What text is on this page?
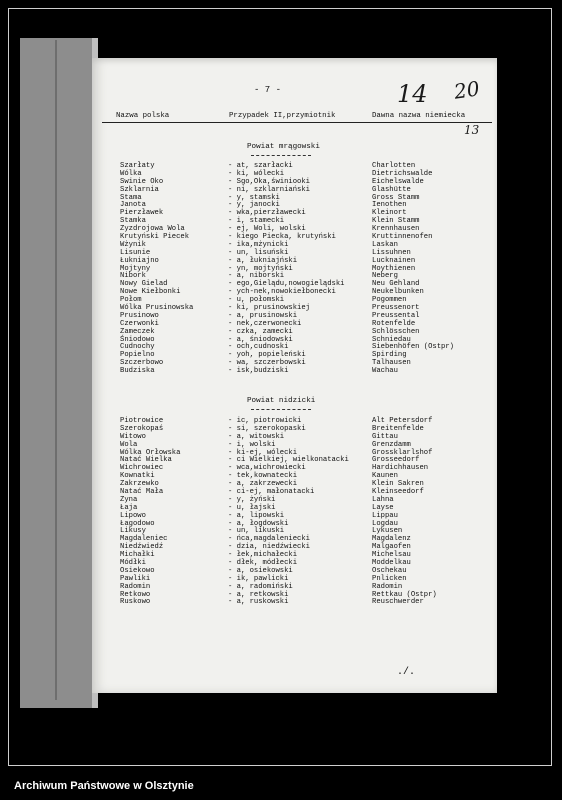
- 7 -	14 20
13
Nazwa polska	Przypadek II,przymiotnik	Dawna nazwa niemiecka
Powiat mrągowski
Szarłaty	- at, szarłacki	Charlotten
Wólka	- ki, wólecki	Dietrichswalde
Swinie Oko	- Sgo,Oka,świniooki	Eichelswalde
Szklarnia	- ni, szklarniański	Glashütte
Stama	- y, stamski	Gross Stamm
Janota	- y, janocki	Ienothen
Pierzławek	- wka,pierzławecki	Kleinort
Stamka	- i, stamecki	Klein Stamm
Zyzdrojowa Wola	- ej, Woli, wolski	Krennhausen
Krutyński Piecek	- kiego Piecka, krutyński	Kruttinnenofen
Wżynik	- ika,mżynicki	Laskan
Lisunie	- un, lisuński	Lissuhnen
Łukniajno	- a, łukniajński	Lucknainen
Mojtyny	- yn, mojtyński	Moythienen
Nibork	- a, niborski	Neberg
Nowy Gielad	- ego,Gielądu,nowogielądski	Neu Gehland
Nowe Kiełbonki	- ych-nek,nowokiełbonecki	Neukelbunken
Połom	- u, połomski	Pogommen
Wólka Prusinowska	- ki, prusinowskiej	Preussenort
Prusinowo	- a, prusinowski	Preussental
Czerwonki	- nek,czerwonecki	Rotenfelde
Zameczek	- czka, zamecki	Schlösschen
Śniodowo	- a, śniodowski	Schniedau
Cudnochy	- och,cudnoski	Siebenhöfen (Ostpr)
Popielno	- yoh, popieleński	Spirding
Szczerbowo	- wa, szczerbowski	Talhausen
Budziska	- isk,budziski	Wachau
Powiat nidzicki
Piotrowice	- ic, piotrowicki	Alt Petersdorf
Szerokopaś	- si, szerokopaski	Breitenfelde
Witowo	- a, witowski	Gittau
Wola	- i, wolski	Grenzdamm
Wólka Orłowska	- ki-ej, wólecki	Grossklarlshof
Natać Wielka	- ci Wielkiej, wielkonatacki	Grosseedorf
Wichrowiec	- wca,wichrowiecki	Hardichhausen
Kownatki	- tek,kownatecki	Kaunen
Zakrzewko	- a, zakrzewecki	Klein Sakren
Natać Mała	- ci-ej, małonatacki	Kleinseedorf
Zyna	- y, żyński	Lahna
Łaja	- u, łajski	Layse
Lipowo	- a, lipowski	Lippau
Łagodowo	- a, łogdowski	Logdau
Likusy	- un, likuski	Lykusen
Magdaleniec	- ńca,magdaleniecki	Magdalenz
Niedźwiedź	- dzia, niedźwiecki	Malgaofen
Michałki	- łek,michałecki	Michelsau
Módłki	- dłek, módłecki	Moddelkau
Osiekowo	- a, osiekowski	Oschekau
Pawliki	- ik, pawlicki	Pnlicken
Radomin	- a, radomiński	Radomin
Retkowo	- a, retkowski	Rettkau (Ostpr)
Ruskowo	- a, ruskowski	Reuschwerder
./.
Archiwum Państwowe w Olsztynie
